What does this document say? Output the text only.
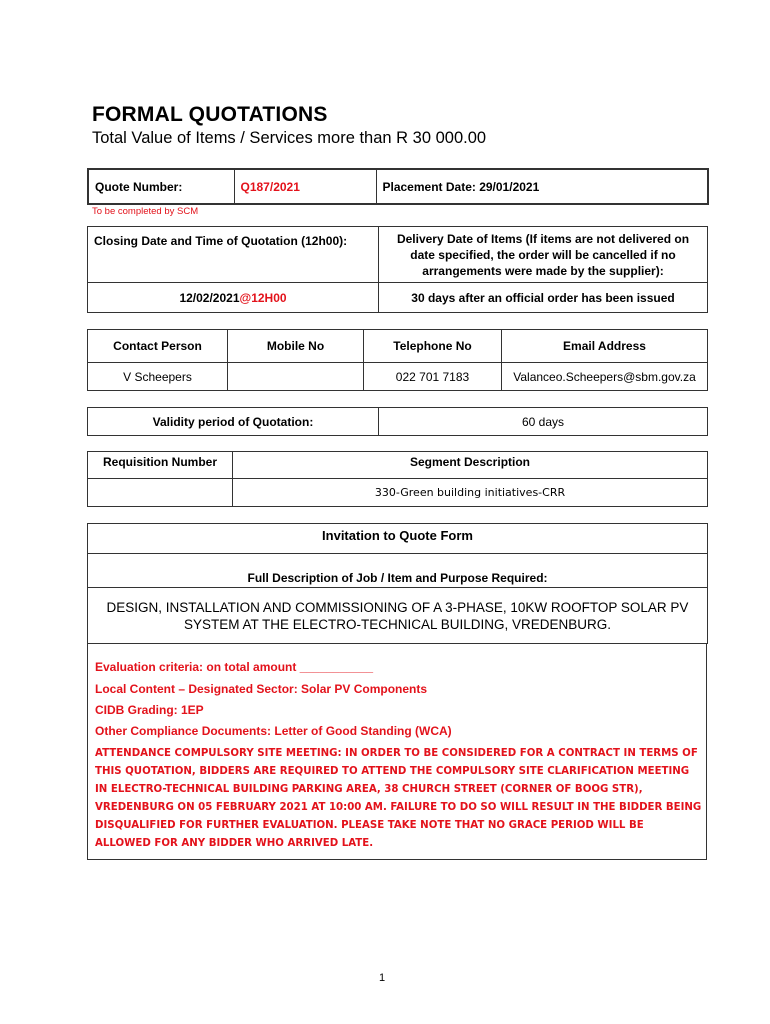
FORMAL QUOTATIONS
Total Value of Items / Services more than R 30 000.00
Quote Number:	Q187/2021	Placement Date: 29/01/2021
To be completed by SCM
Closing Date and Time of Quotation (12h00):	Delivery Date of Items (If items are not delivered on date specified, the order will be cancelled if no arrangements were made by the supplier):
12/02/2021@12H00	30 days after an official order has been issued
Contact Person	Mobile No	Telephone No	Email Address
V Scheepers		022 701 7183	Valanceo.Scheepers@sbm.gov.za
Validity period of Quotation:	60 days
Requisition Number	Segment Description
	330-Green building initiatives-CRR
Invitation to Quote Form
Full Description of Job / Item and Purpose Required:
DESIGN, INSTALLATION AND COMMISSIONING OF A 3-PHASE, 10KW ROOFTOP SOLAR PV SYSTEM AT THE ELECTRO-TECHNICAL BUILDING, VREDENBURG.
Evaluation criteria: on total amount ___________
Local Content – Designated Sector: Solar PV Components
CIDB Grading: 1EP
Other Compliance Documents: Letter of Good Standing (WCA)
ATTENDANCE COMPULSORY SITE MEETING: IN ORDER TO BE CONSIDERED FOR A CONTRACT IN TERMS OF THIS QUOTATION, BIDDERS ARE REQUIRED TO ATTEND THE COMPULSORY SITE CLARIFICATION MEETING IN ELECTRO-TECHNICAL BUILDING PARKING AREA, 38 CHURCH STREET (CORNER OF BOOG STR), VREDENBURG ON 05 FEBRUARY 2021 AT 10:00 AM. FAILURE TO DO SO WILL RESULT IN THE BIDDER BEING DISQUALIFIED FOR FURTHER EVALUATION. PLEASE TAKE NOTE THAT NO GRACE PERIOD WILL BE ALLOWED FOR ANY BIDDER WHO ARRIVED LATE.
1
